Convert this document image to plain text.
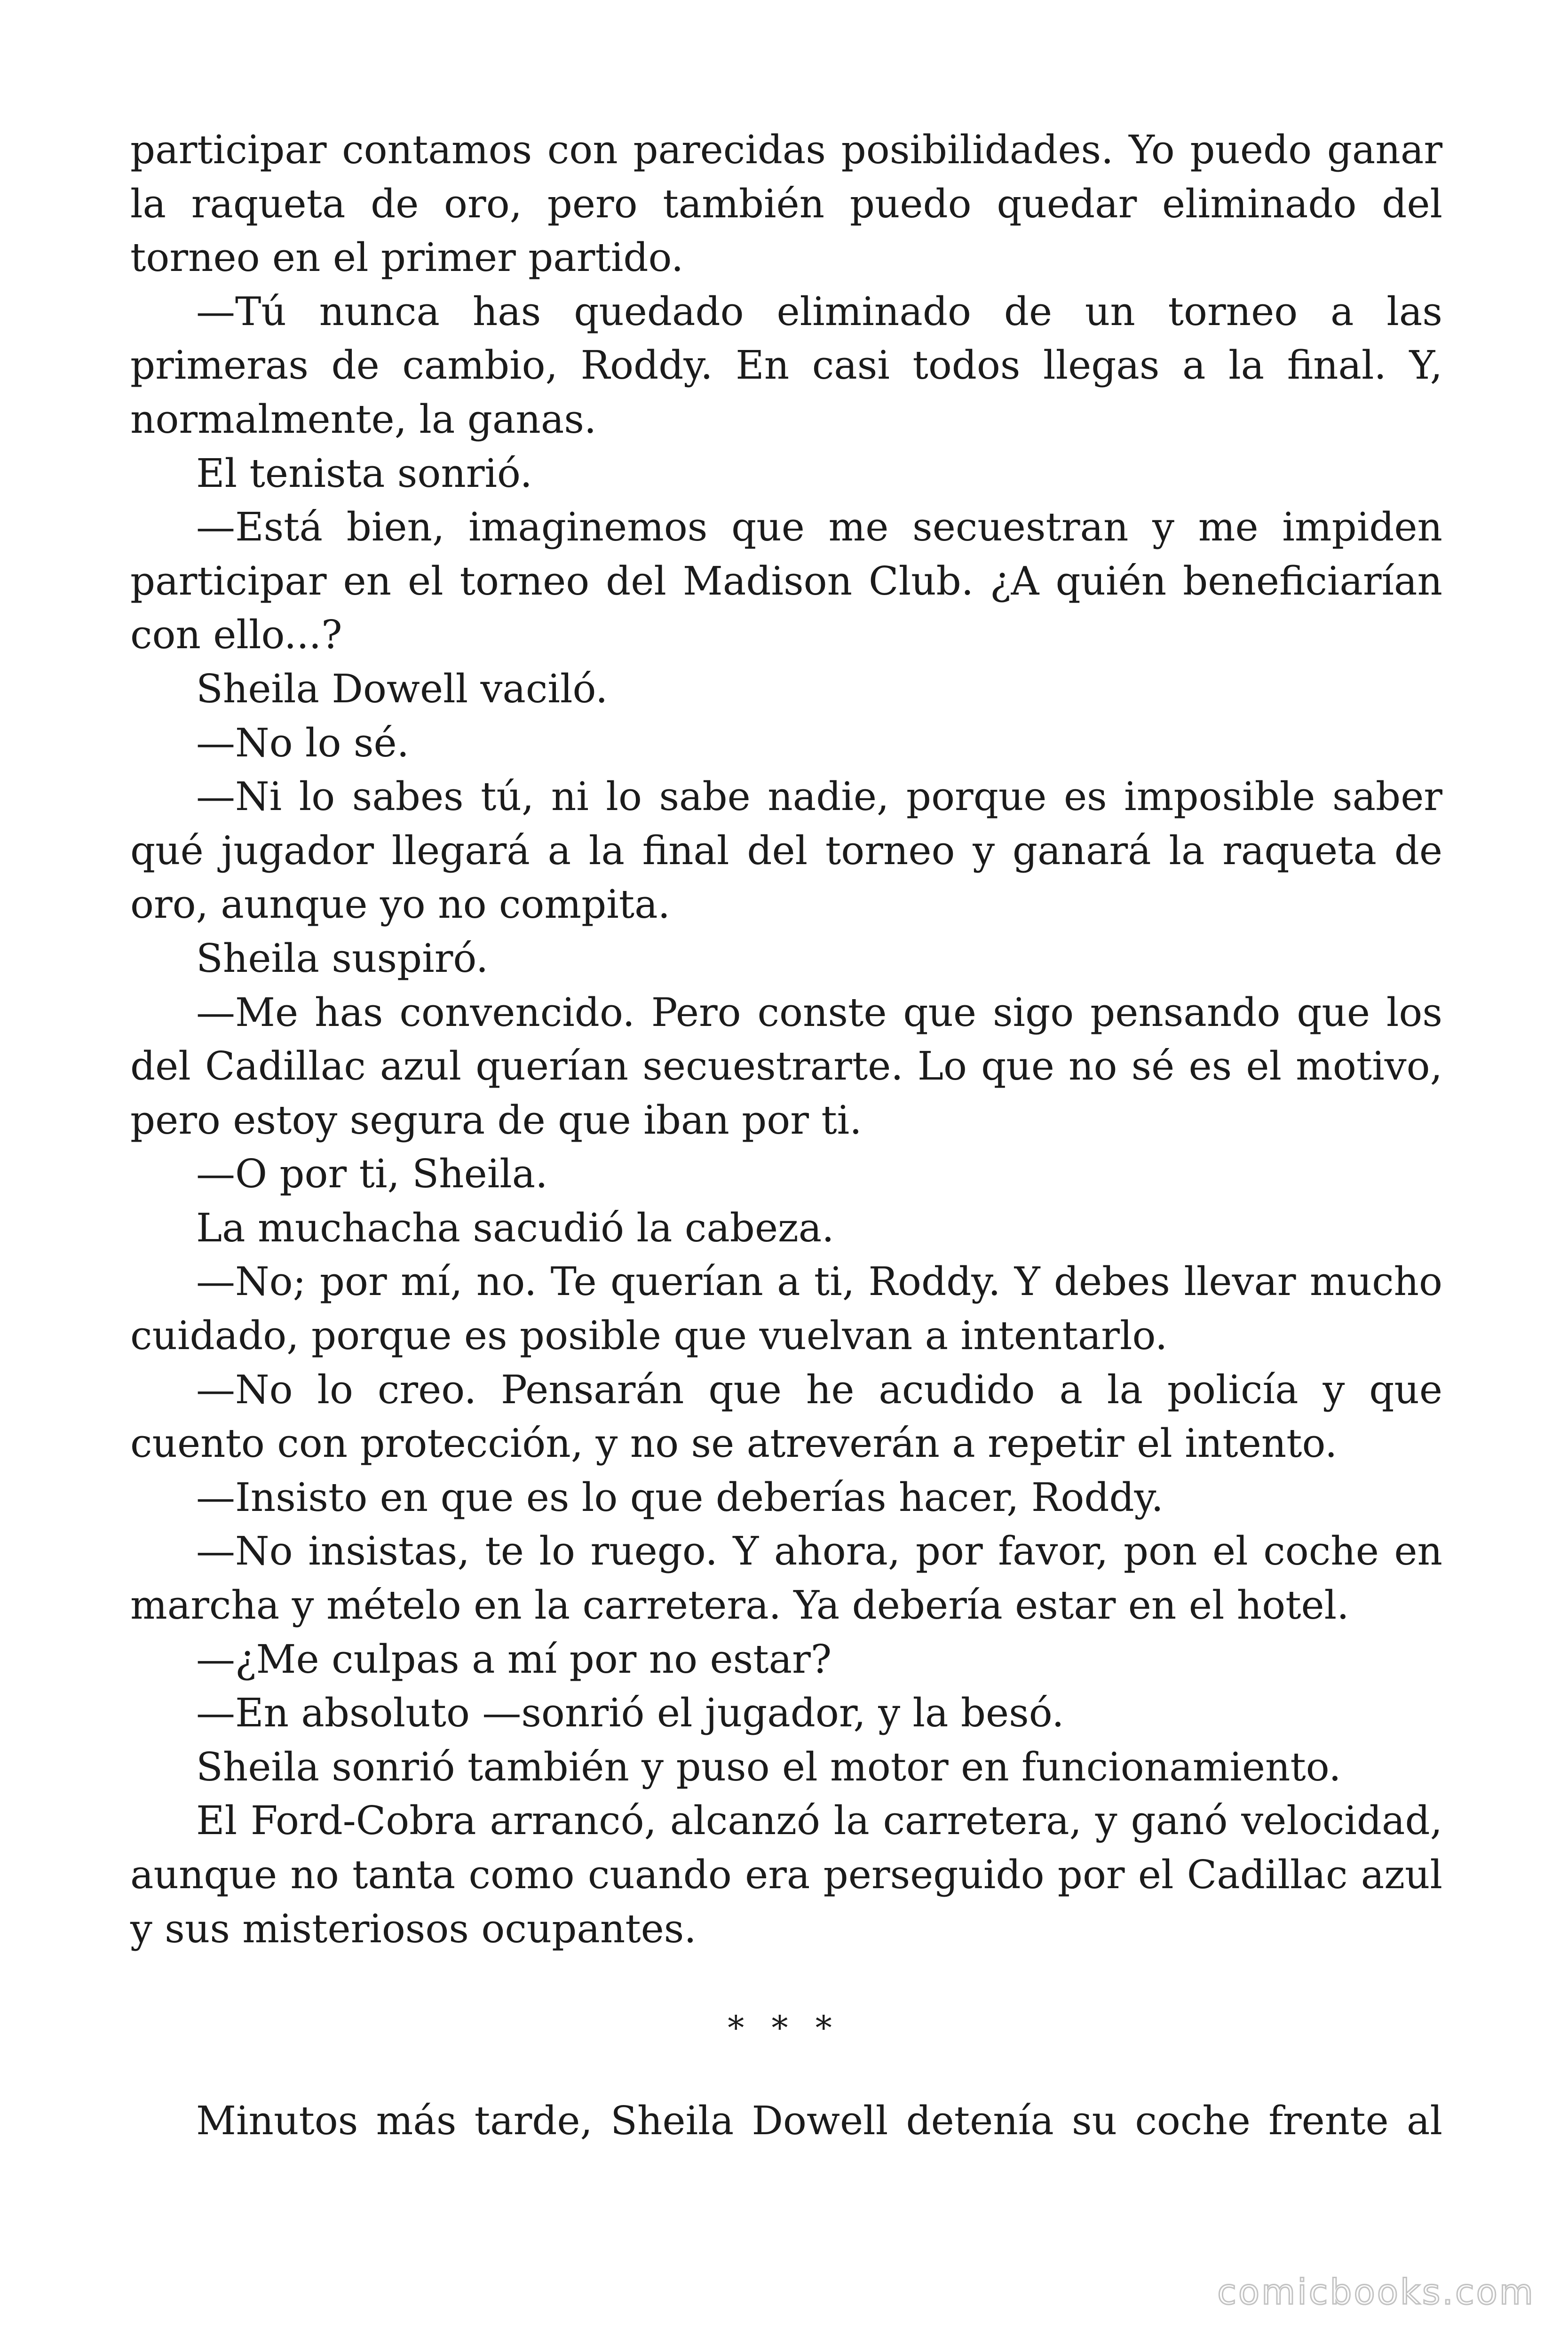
participar contamos con parecidas posibilidades. Yo puedo ganar la raqueta de oro, pero también puedo quedar eliminado del torneo en el primer partido.

—Tú nunca has quedado eliminado de un torneo a las primeras de cambio, Roddy. En casi todos llegas a la final. Y, normalmente, la ganas.

El tenista sonrió.

—Está bien, imaginemos que me secuestran y me impiden participar en el torneo del Madison Club. ¿A quién beneficiarían con ello...?

Sheila Dowell vaciló.

—No lo sé.

—Ni lo sabes tú, ni lo sabe nadie, porque es imposible saber qué jugador llegará a la final del torneo y ganará la raqueta de oro, aunque yo no compita.

Sheila suspiró.

—Me has convencido. Pero conste que sigo pensando que los del Cadillac azul querían secuestrarte. Lo que no sé es el motivo, pero estoy segura de que iban por ti.

—O por ti, Sheila.

La muchacha sacudió la cabeza.

—No; por mí, no. Te querían a ti, Roddy. Y debes llevar mucho cuidado, porque es posible que vuelvan a intentarlo.

—No lo creo. Pensarán que he acudido a la policía y que cuento con protección, y no se atreverán a repetir el intento.

—Insisto en que es lo que deberías hacer, Roddy.

—No insistas, te lo ruego. Y ahora, por favor, pon el coche en marcha y mételo en la carretera. Ya debería estar en el hotel.

—¿Me culpas a mí por no estar?

—En absoluto —sonrió el jugador, y la besó.

Sheila sonrió también y puso el motor en funcionamiento.

El Ford-Cobra arrancó, alcanzó la carretera, y ganó velocidad, aunque no tanta como cuando era perseguido por el Cadillac azul y sus misteriosos ocupantes.

* * *

Minutos más tarde, Sheila Dowell detenía su coche frente al

comicbooks.com
